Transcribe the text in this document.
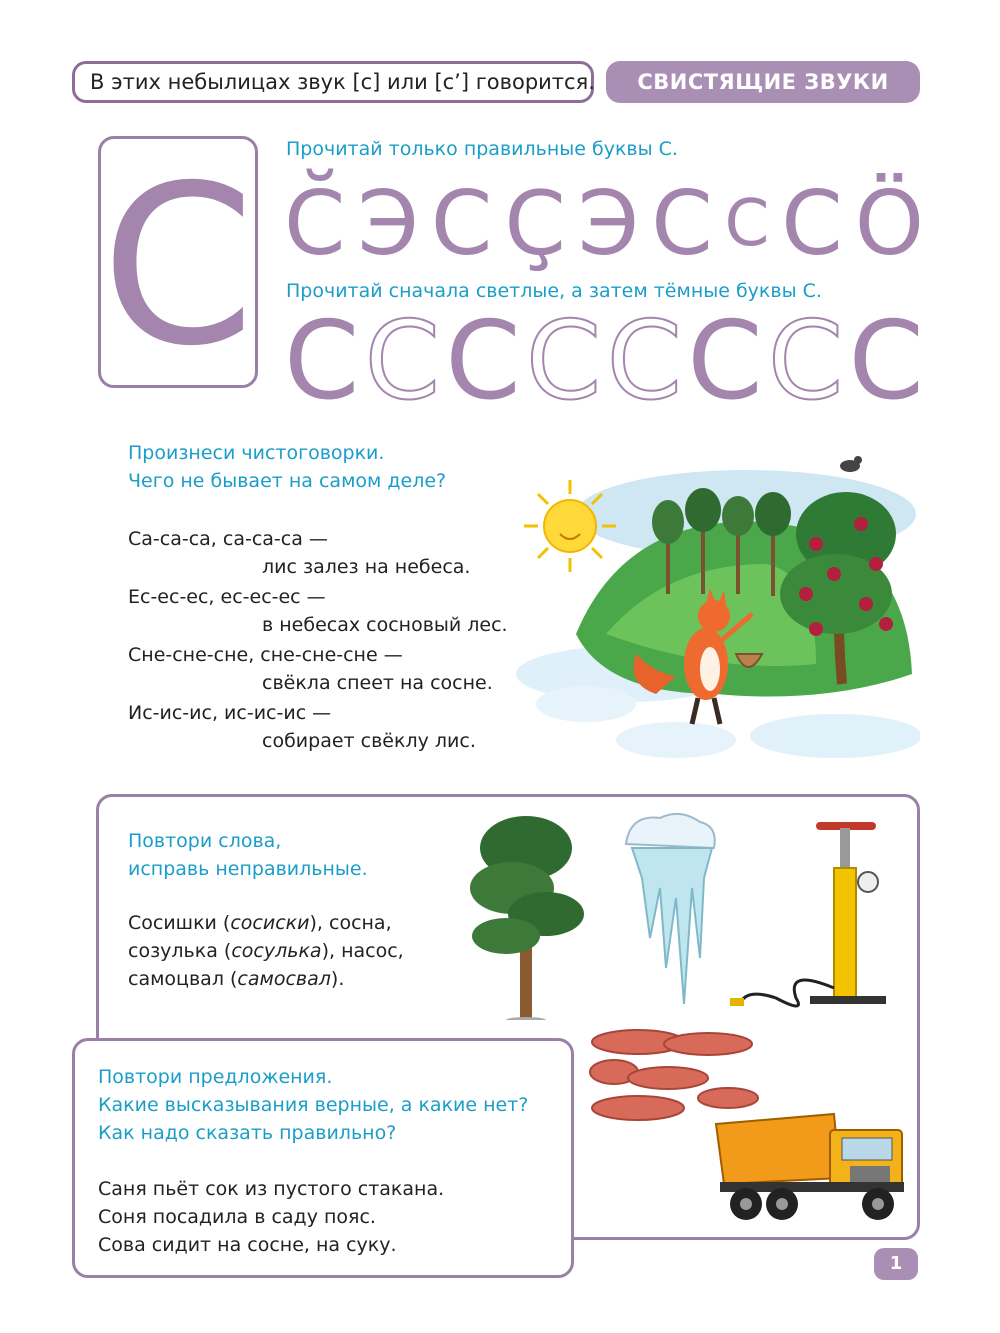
В этих небылицах звук [с] или [с’] говорится.	СВИСТЯЩИЕ ЗВУКИ
С Прочитай только правильные буквы С.
С̆ Э С Ç Э С С С Ö
Прочитай сначала светлые, а затем тёмные буквы С.
С С С С С С С С
Произнеси чистоговорки.
Чего не бывает на самом деле?
Са-са-са, са-са-са —
лис залез на небеса.
Ес-ес-ес, ес-ес-ес —
в небесах сосновый лес.
Сне-сне-сне, сне-сне-сне —
свёкла спеет на сосне.
Ис-ис-ис, ис-ис-ис —
собирает свёклу лис.
Повтори слова,
исправь неправильные.
Сосишки (сосиски), сосна,
созулька (сосулька), насос,
самоцвал (самосвал).
Повтори предложения.
Какие высказывания верные, а какие нет?
Как надо сказать правильно?
Саня пьёт сок из пустого стакана.
Соня посадила в саду пояс.
Сова сидит на сосне, на суку.
1
